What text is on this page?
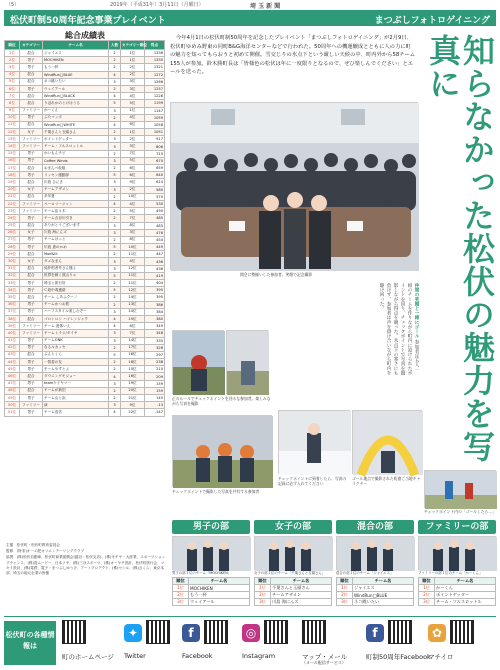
（5）	2019年（平成31年）3月11日（月曜日）	埼 玉 新 聞
松伏町制50周年記念事業プレイベント	まつぶしフォトロゲイニング
総合成績表
順位	カテゴリー	チーム名	人数	カテゴリー順位	得点
1位	混合	ジャイエス	2	1位	1336
2位	男子	MOCHIKEN	2	1位	1335
3位	男子	もう一杯	2	2位	1321
4位	混合	WindRun□BLUE	4	2位	1272
5位	混合	ネコ跳いたい	3	3位	1266
6位	男子	ウェイアール	2	3位	1257
7位	混合	WindRun□BLACK	4	4位	1228
8位	混合	りぼれかのとけほうる	5	5位	1199
9位	ファミリー	かーくん	3	1位	1147
10位	男子	ぶたマッポ	2	4位	1059
11位	混合	WindRun□WHITE	4	6位	1058
12位	女子	千葉さんと玉頭さん	2	1位	1051
13位	ファミリー	ポイントゲッター	3	2位	917
14位	ファミリー	チーム・フルスロットル	3	3位	806
15位	男子	かいもんチビ	2	7位	715
16位	男子	Coffee Winds	3	5位	670
17位	混合	おまんべ仮組	2	6位	659
18位	男子	リッセン運動部	5	6位	640
19位	混合	川島 ひにき	3	9位	614
20位	女子	チームアザメン	3	2位	580
21位	混合	多年夏	2	10位	570
22位	ファミリー	ペーロリージャン	4	4位	530
23位	ファミリー	チーム祐々木	2	5位	490
24位	男子	チーム吉谷川引き	2	7位	485
25位	混合	ありがとうございます	3	8位	483
26位	女子	川島 海にんズ	3	3位	476
27位	男子	チームほっと	2	8位	454
28位	男子	川島 恵のかめ	5	10位	449
29位	混合	Mod&Ili	2	11位	447
30位	女子	ダメなまん	3	4位	436
31位	混合	純朴柑者外さん様よ	3	12位	436
32位	混合	世界を締く波山りゃ	5	11位	419
33位	男子	埼玉と旅行好	2	11位	404
34位	男子	Ｃ総中毒連絡	5	12位	395
35位	混合	チーム しあふクーノ	2	14位	395
36位	男子	チームかつお旅	2	13位	386
37位	男子	ハーフスタイル楽しむぞー	3	14位	384
38位	混合	ゴロトロシ ハイレンジャク	4	15位	380
39位	ファミリー	チーム 遊休いえ	4	6位	349
40位	ファミリー	チームトラジ/ダイヤ	3	7位	348
41位	男子	チームONK	3	14位	335
42位	男子	なるルカッセ	2	17位	326
43位	混合	ぶんとくら	5	16位	297
44位	男子	一智善の友	2	18位	238
45位	男子	チームやすとよ	2	15位	210
46位	混合	ダウニングモジョー	4	16位	209
47位	男子	teamケイヤマ一	3	19位	159
48位	混合	チームが新旧	2	20位	159
49位	男子	チーム山と浜	2	21位	145
50位	ファミリー	演	3	9位	-13
51位	男子	チーム浩宮	4	22位	-147

主催　松伏町・松伏町教育委員会

監修　(特非)オーエ肥オリエンテーリングクラブ

協賛　(株)松伏自動車、松伏町商業振興会(越谷・松伏支店)、(株)モチヤ・大産業、スポーツショップチャンス、(株)島ムービー、日本ソヤ、(株)三谷スポーツ、(株)オーヤチ設計、松伏町旅行会、マキイ設計、(株)電鉄、電子・まつぶしゆうけ、アートプロデクト、(株)セシル、(株)さくら、東京本部、埼玉の地元企業の皆様

今年4月1日の松伏町制50周年を記念したプレイベント「まつぶしフォトロゲイニング」が2月9日、松伏町ゆめみ野東の同町B&G海洋センターなどで行われた。50周年への機運醸成とともに人の力に町の魅力を知ってもらおうと初めて開催。雪交じりの氷点下という厳しい天候の中、町内外から58チーム155人が参加。鈴木勝町長は「皆様色の松伏は年に一度限りとなるので、ぜひ楽しんでください」とエールを送った。	知らなかった松伏の魅力を写真に
開会に勢揃いした参加者。笑顔で記念撮影
仲間の笑顔と一緒にゴール 参加者は五人一組のチームを作りながら町内に設けられたポイントを回り、チェックポイントで写真を撮影しながら得点を競った。氷点下の寒さにも負けず、参加者は声を掛け合いながら町内を駆け回った。
正のルールでチェックポイントを回るな参加者。楽しみながら写真を撮影
チェックポイントで撮影した写真を共有する参加者
チェックポイントに到着したら、写真の記録に必ず入れてください
ゴール地点で撮影された町旗ご当地キャラクター
チェックポイント内の「ゴールしたら…」
男子の部
男子の部１位のチーム「MOCHIKEN」
順位	チーム名
1位	MOCHIKEN
2位	もう一杯
3位	ウェイアール
女子の部
女子の部１位のチーム「千葉さんと玉頭さん」
順位	チーム名
1位	千葉さんと玉頭さん
2位	チームアザメン
3位	川島 海にんズ
混合の部
混合の部１位のチーム「ジャイエス」
順位	チーム名
1位	ジャイエス
2位	WindRun□BLUE
3位	ネコ跳いたい
ファミリーの部
ファミリーの部１位のチーム「かーくん」
順位	チーム名
1位	かーくん
2位	ポイントゲッター
3位	チーム・フルスロットル
松伏町の各種情報は
町のホームページ
✦
Twitter
f
Facebook
◎
Instagram	マップ・メール
（メール配信サービス）
f
町制50周年Facebook
✿
マチイロ
